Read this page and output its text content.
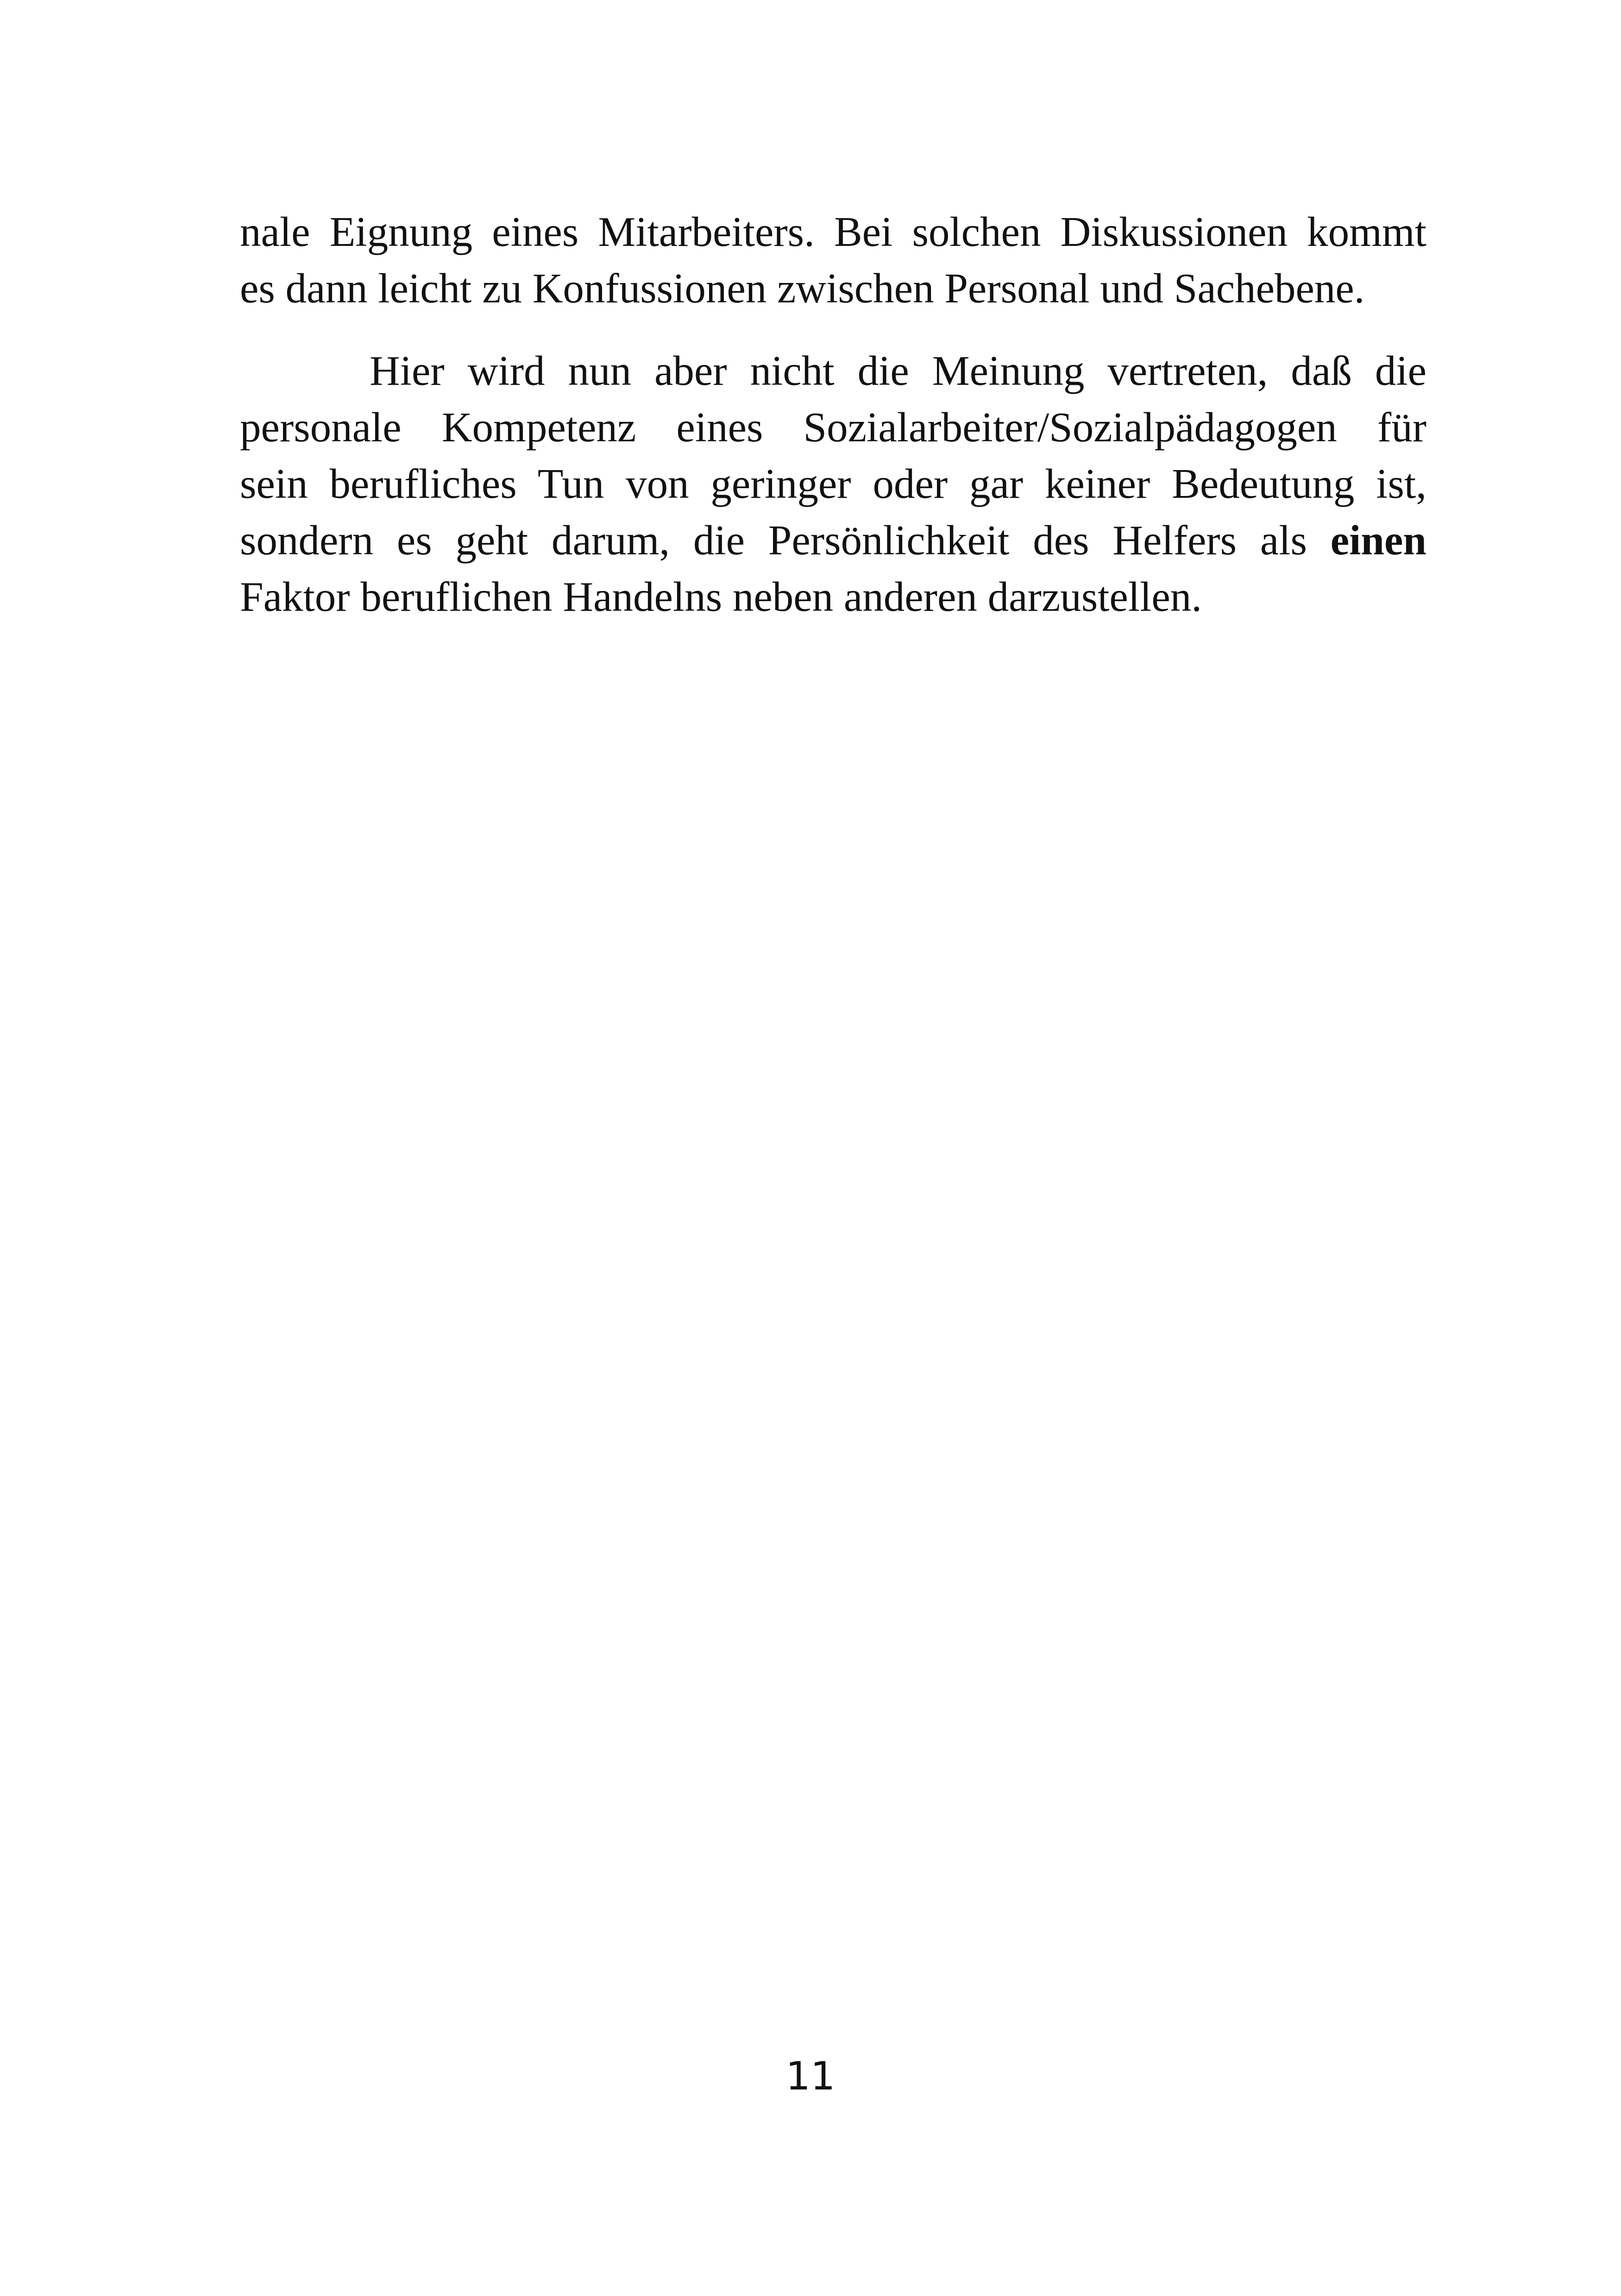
nale Eignung eines Mitarbeiters. Bei solchen Diskussionen kommt
es dann leicht zu Konfussionen zwischen Personal und Sachebene.

Hier wird nun aber nicht die Meinung vertreten, daß die
personale Kompetenz eines Sozialarbeiter/Sozialpädagogen für
sein berufliches Tun von geringer oder gar keiner Bedeutung ist,
sondern es geht darum, die Persönlichkeit des Helfers als einen
Faktor beruflichen Handelns neben anderen darzustellen.

11
